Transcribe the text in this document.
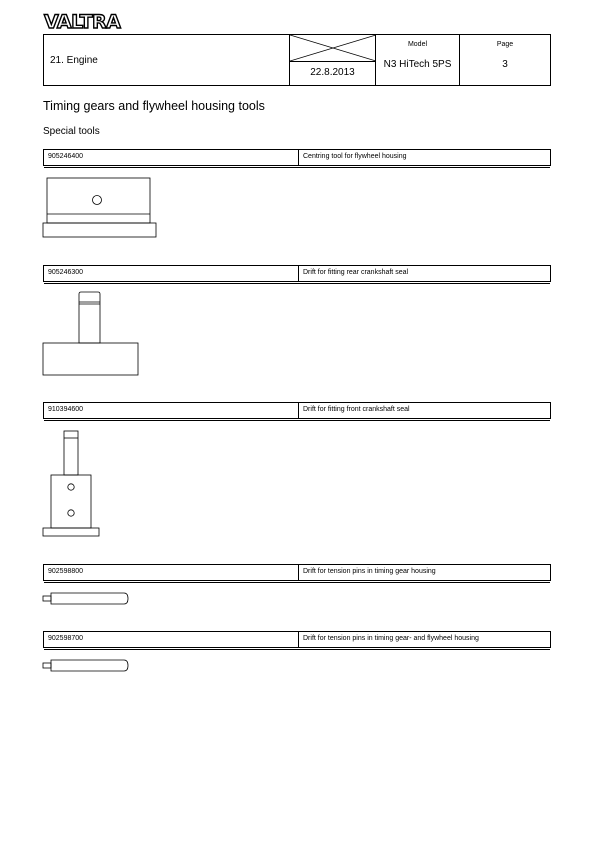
VALTRA
21. Engine
22.8.2013
Model
N3 HiTech 5PS
Page
3
Timing gears and flywheel housing tools
Special tools
905246400	Centring tool for flywheel housing
905246300	Drift for fitting rear crankshaft seal
910394600	Drift for fitting front crankshaft seal
902598800	Drift for tension pins in timing gear housing
902598700	Drift for tension pins in timing gear- and flywheel housing
